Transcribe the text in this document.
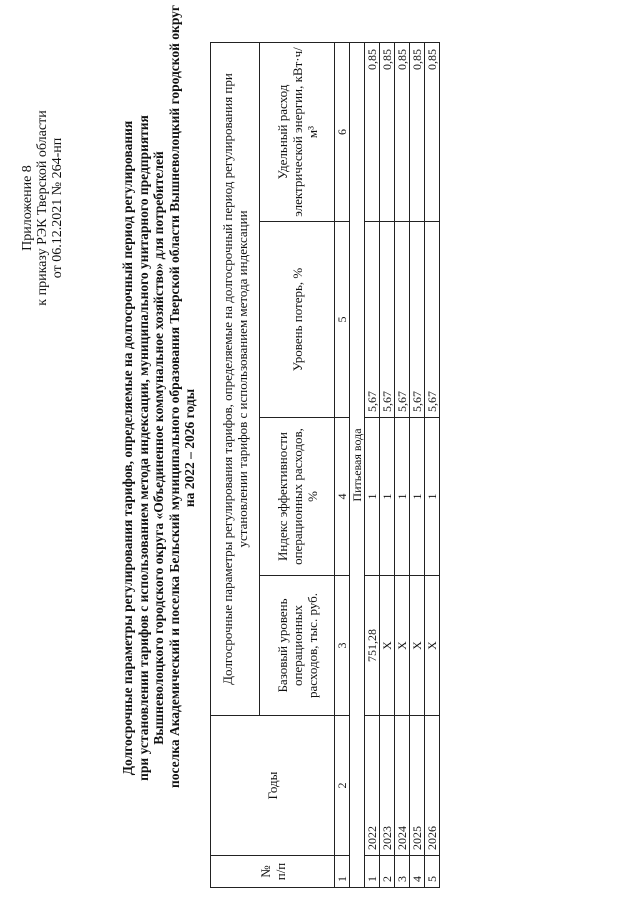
Приложение 8 к приказу РЭК Тверской области от 06.12.2021 № 264-нп	Долгосрочные параметры регулирования тарифов, определяемые на долгосрочный период регулирования при установлении тарифов с использованием метода индексации, муниципального унитарного предприятия Вышневолоцкого городского округа «Объединенное коммунальное хозяйство» для потребителей поселка Академический и поселка Бельский муниципального образования Тверской области Вышневолоцкий городской округ на 2022 – 2026 годы
№ п/п	Годы	Долгосрочные параметры регулирования тарифов, определяемые на долгосрочный период регулирования при установлении тарифов с использованием метода индексации			
		Базовый уровень операционных расходов, тыс. руб.	Индекс эффективности операционных расходов, %	Уровень потерь, %	Удельный расход электрической энергии, кВт·ч/м³
1	2	3	4	5	6
Питьевая вода					
1	2022	751,28	1	5,67	0,85
2	2023	Х	1	5,67	0,85
3	2024	Х	1	5,67	0,85
4	2025	Х	1	5,67	0,85
5	2026	Х	1	5,67	0,85
